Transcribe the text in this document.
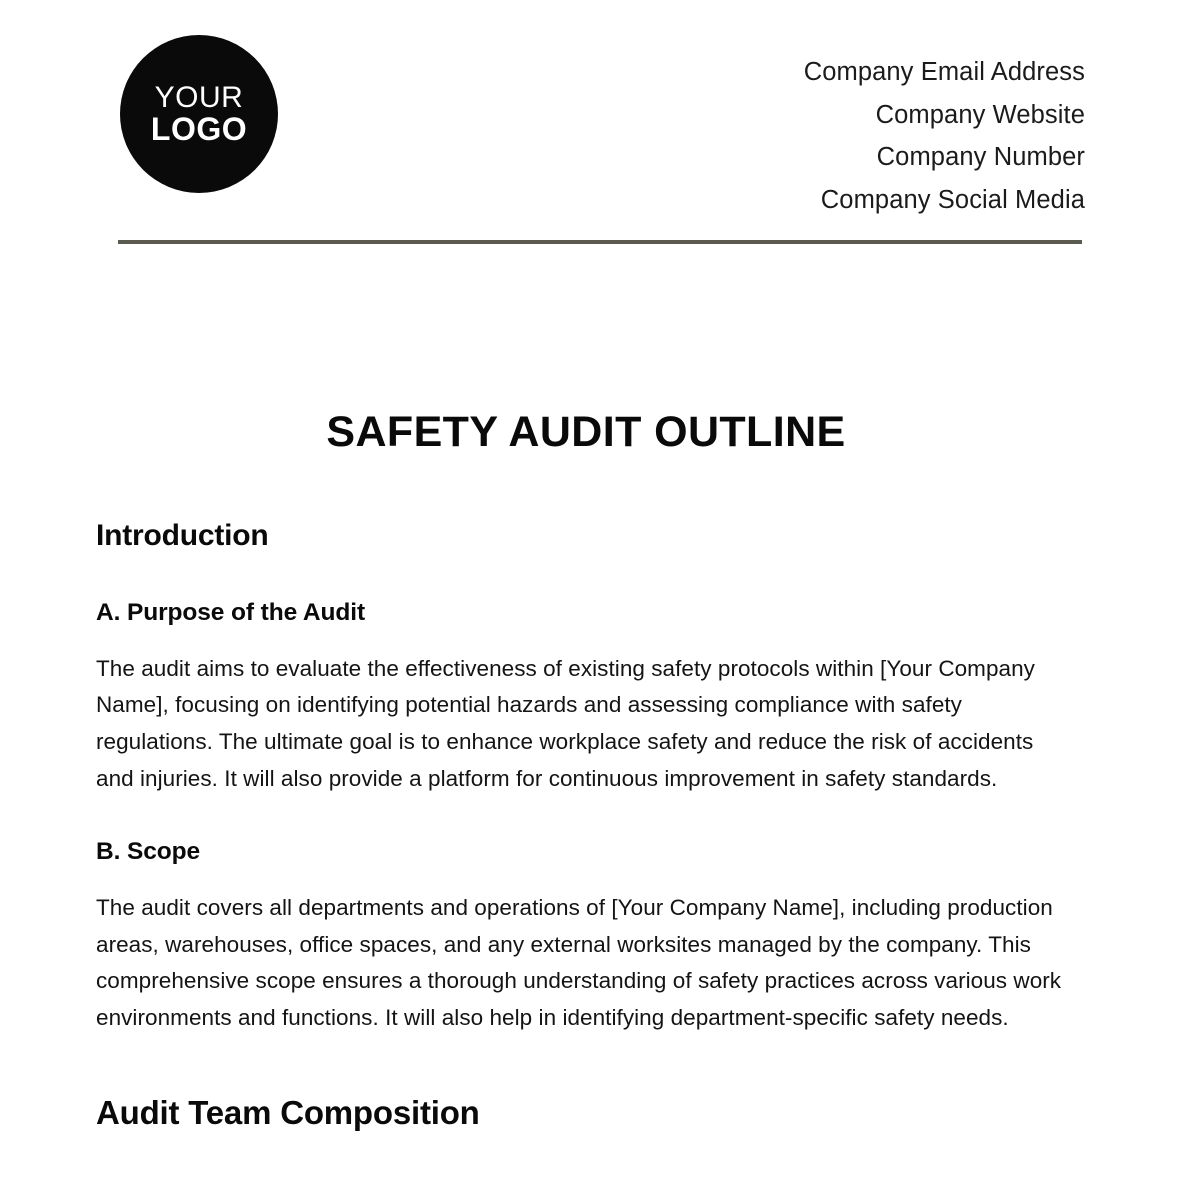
YOUR
LOGO
Company Email Address
Company Website
Company Number
Company Social Media
SAFETY AUDIT OUTLINE
Introduction
A. Purpose of the Audit

The audit aims to evaluate the effectiveness of existing safety protocols within [Your Company Name], focusing on identifying potential hazards and assessing compliance with safety regulations. The ultimate goal is to enhance workplace safety and reduce the risk of accidents and injuries. It will also provide a platform for continuous improvement in safety standards.

B. Scope

The audit covers all departments and operations of [Your Company Name], including production areas, warehouses, office spaces, and any external worksites managed by the company. This comprehensive scope ensures a thorough understanding of safety practices across various work environments and functions. It will also help in identifying department-specific safety needs.

Audit Team Composition
